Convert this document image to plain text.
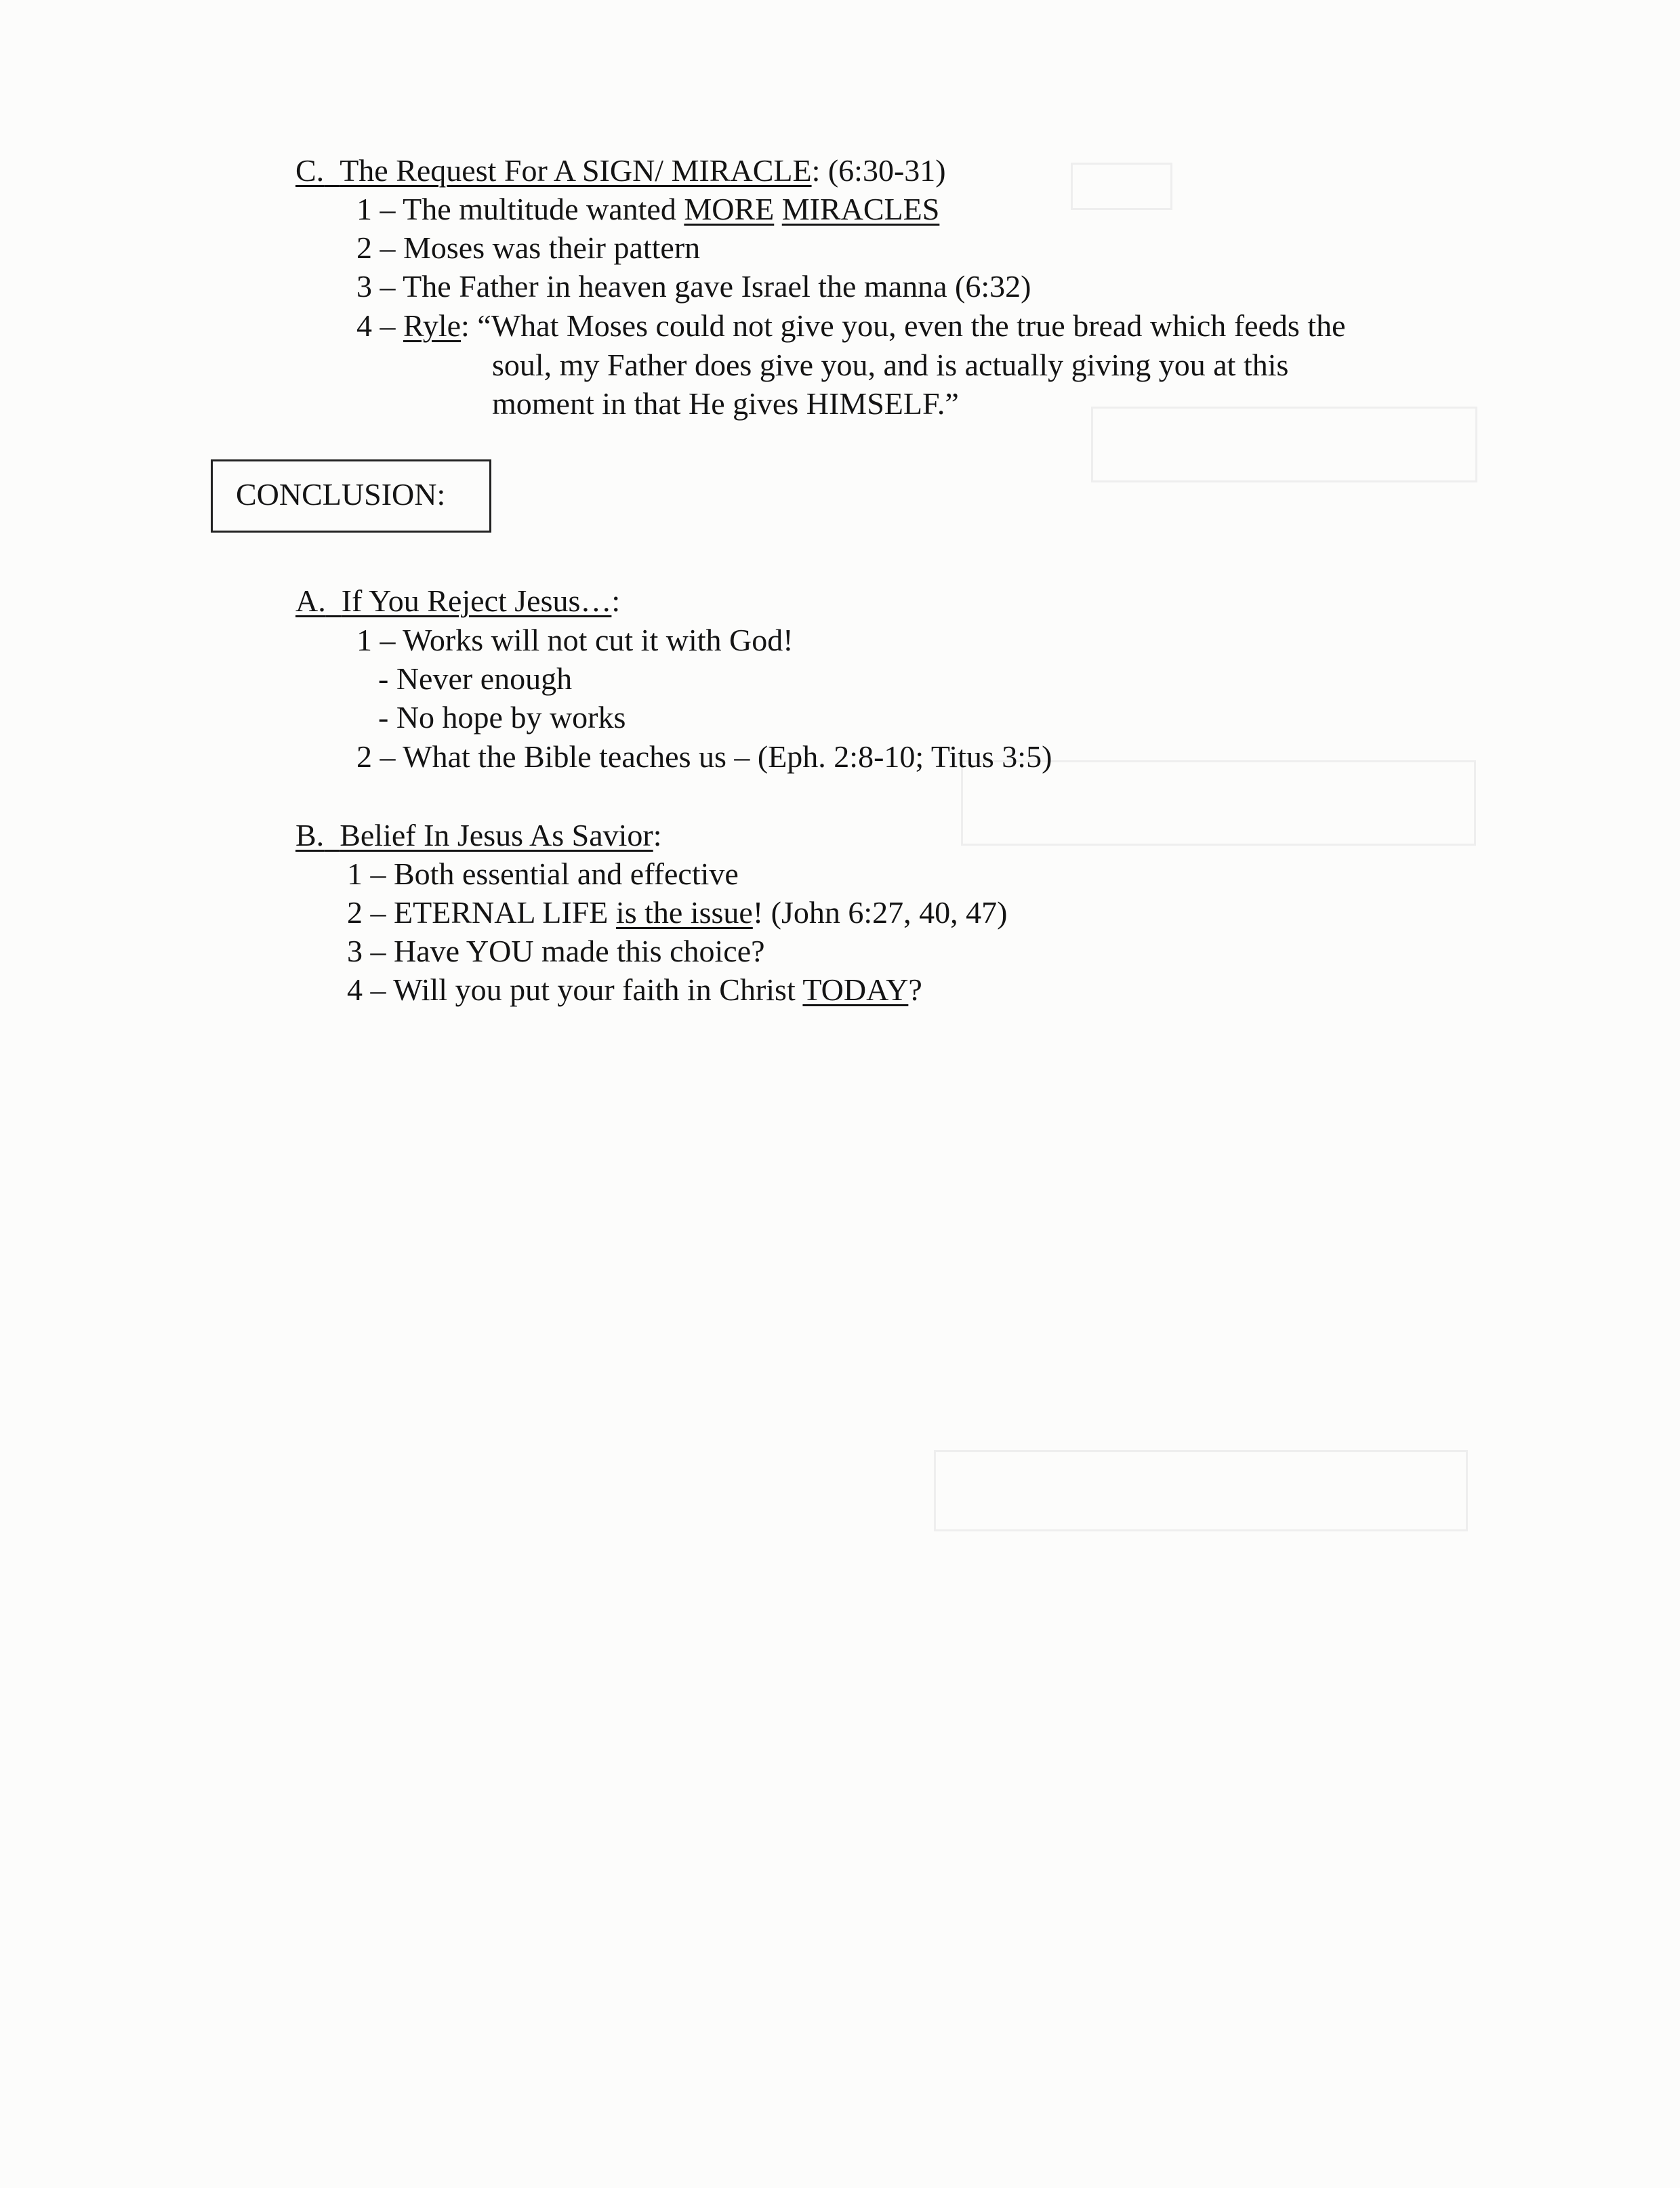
C. The Request For A SIGN/ MIRACLE: (6:30-31)
1 – The multitude wanted MORE MIRACLES
2 – Moses was their pattern
3 – The Father in heaven gave Israel the manna (6:32)
4 – Ryle: “What Moses could not give you, even the true bread which feeds the
soul, my Father does give you, and is actually giving you at this
moment in that He gives HIMSELF.”
CONCLUSION:
A. If You Reject Jesus…:
1 – Works will not cut it with God!
- Never enough
- No hope by works
2 – What the Bible teaches us – (Eph. 2:8-10; Titus 3:5)
B. Belief In Jesus As Savior:
1 – Both essential and effective
2 – ETERNAL LIFE is the issue! (John 6:27, 40, 47)
3 – Have YOU made this choice?
4 – Will you put your faith in Christ TODAY?
